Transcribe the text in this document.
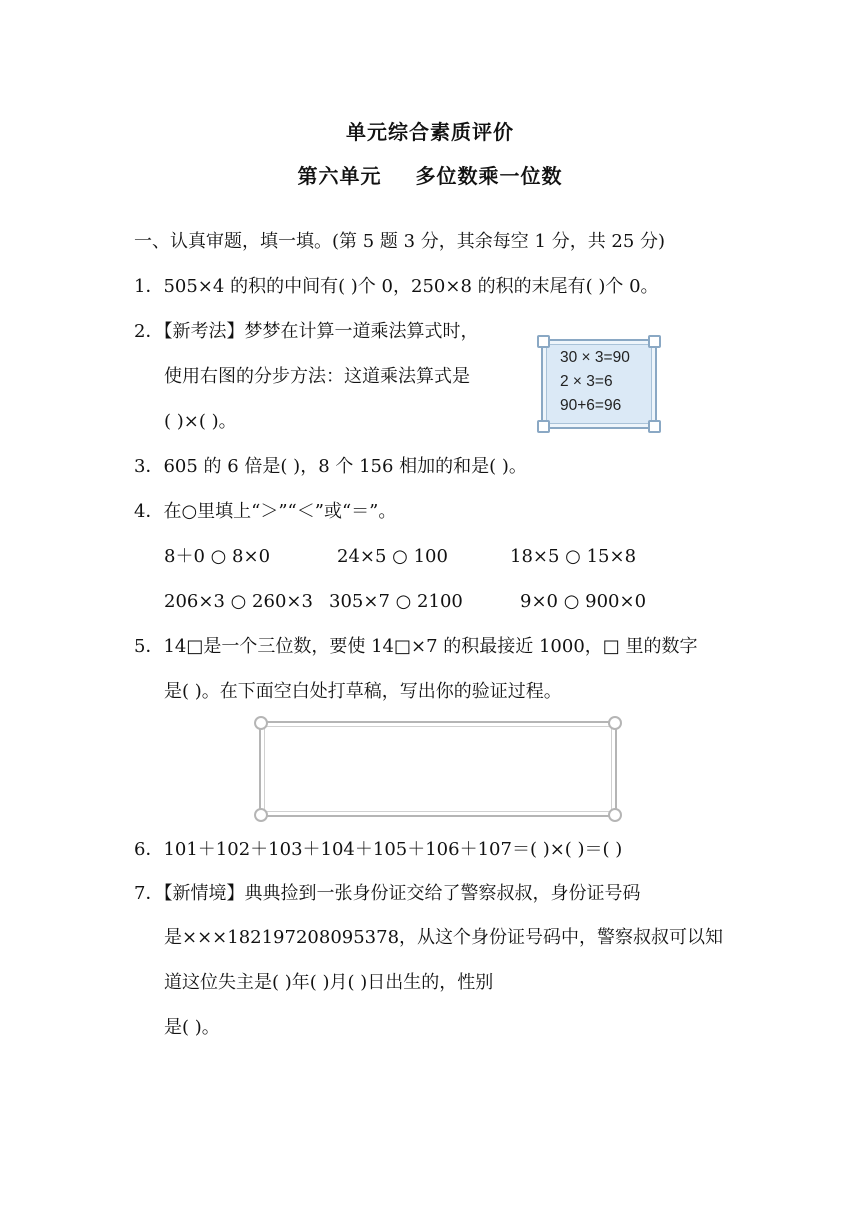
单元综合素质评价
第六单元 多位数乘一位数
一、认真审题，填一填。(第 5 题 3 分，其余每空 1 分，共 25 分)
1．505×4 的积的中间有( )个 0，250×8 的积的末尾有( )个 0。
2．【新考法】梦梦在计算一道乘法算式时，
使用右图的分步方法：这道乘法算式是
( )×( )。
30 × 3=90
2 × 3=6
90+6=96
3．605 的 6 倍是( )，8 个 156 相加的和是( )。
4．在○里填上“＞”“＜”或“＝”。
8＋0 ○ 8×0	24×5 ○ 100	18×5 ○ 15×8
206×3 ○ 260×3 305×7 ○ 2100	9×0 ○ 900×0
5．14□是一个三位数，要使 14□×7 的积最接近 1000，□ 里的数字
是( )。在下面空白处打草稿，写出你的验证过程。
6．101＋102＋103＋104＋105＋106＋107＝( )×( )＝( )
7．【新情境】典典捡到一张身份证交给了警察叔叔，身份证号码
是×××182197208095378，从这个身份证号码中，警察叔叔可以知
道这位失主是( )年( )月( )日出生的，性别
是( )。
